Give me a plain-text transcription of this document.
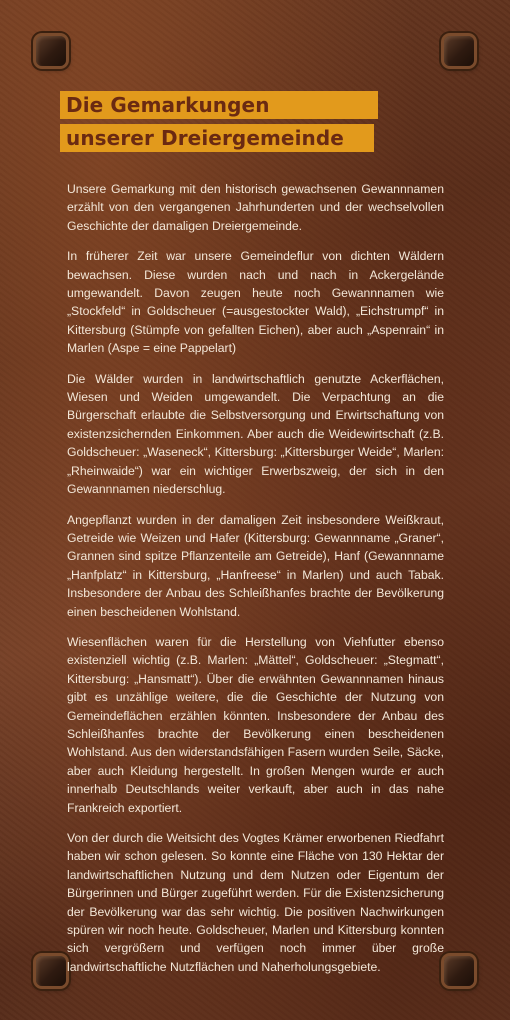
Die Gemarkungen
unserer Dreiergemeinde

Unsere Gemarkung mit den historisch gewachsenen Gewannnamen erzählt von den vergangenen Jahrhunderten und der wechselvollen Geschichte der damaligen Dreiergemeinde.

In früherer Zeit war unsere Gemeindeflur von dichten Wäldern bewachsen. Diese wurden nach und nach in Ackergelände umgewandelt. Davon zeugen heute noch Gewannnamen wie „Stockfeld“ in Goldscheuer (=ausgestockter Wald), „Eichstrumpf“ in Kittersburg (Stümpfe von gefallten Eichen), aber auch „Aspenrain“ in Marlen (Aspe = eine Pappelart)

Die Wälder wurden in landwirtschaftlich genutzte Ackerflächen, Wiesen und Weiden umgewandelt. Die Verpachtung an die Bürgerschaft erlaubte die Selbstversorgung und Erwirtschaftung von existenzsichernden Einkommen. Aber auch die Weidewirtschaft (z.B. Goldscheuer: „Waseneck“, Kittersburg: „Kittersburger Weide“, Marlen: „Rheinwaide“) war ein wichtiger Erwerbszweig, der sich in den Gewannnamen niederschlug.

Angepflanzt wurden in der damaligen Zeit insbesondere Weißkraut, Getreide wie Weizen und Hafer (Kittersburg: Gewannname „Graner“, Grannen sind spitze Pflanzenteile am Getreide), Hanf (Gewannname „Hanfplatz“ in Kittersburg, „Hanfreese“ in Marlen) und auch Tabak. Insbesondere der Anbau des Schleißhanfes brachte der Bevölkerung einen bescheidenen Wohlstand.

Wiesenflächen waren für die Herstellung von Viehfutter ebenso existenziell wichtig (z.B. Marlen: „Mättel“, Goldscheuer: „Stegmatt“, Kittersburg: „Hansmatt“). Über die erwähnten Gewannnamen hinaus gibt es unzählige weitere, die die Geschichte der Nutzung von Gemeindeflächen erzählen könnten. Insbesondere der Anbau des Schleißhanfes brachte der Bevölkerung einen bescheidenen Wohlstand. Aus den widerstandsfähigen Fasern wurden Seile, Säcke, aber auch Kleidung hergestellt. In großen Mengen wurde er auch innerhalb Deutschlands weiter verkauft, aber auch in das nahe Frankreich exportiert.

Von der durch die Weitsicht des Vogtes Krämer erworbenen Riedfahrt haben wir schon gelesen. So konnte eine Fläche von 130 Hektar der landwirtschaftlichen Nutzung und dem Nutzen oder Eigentum der Bürgerinnen und Bürger zugeführt werden. Für die Existenzsicherung der Bevölkerung war das sehr wichtig. Die positiven Nachwirkungen spüren wir noch heute. Goldscheuer, Marlen und Kittersburg konnten sich vergrößern und verfügen noch immer über große landwirtschaftliche Nutzflächen und Naherholungsgebiete.
